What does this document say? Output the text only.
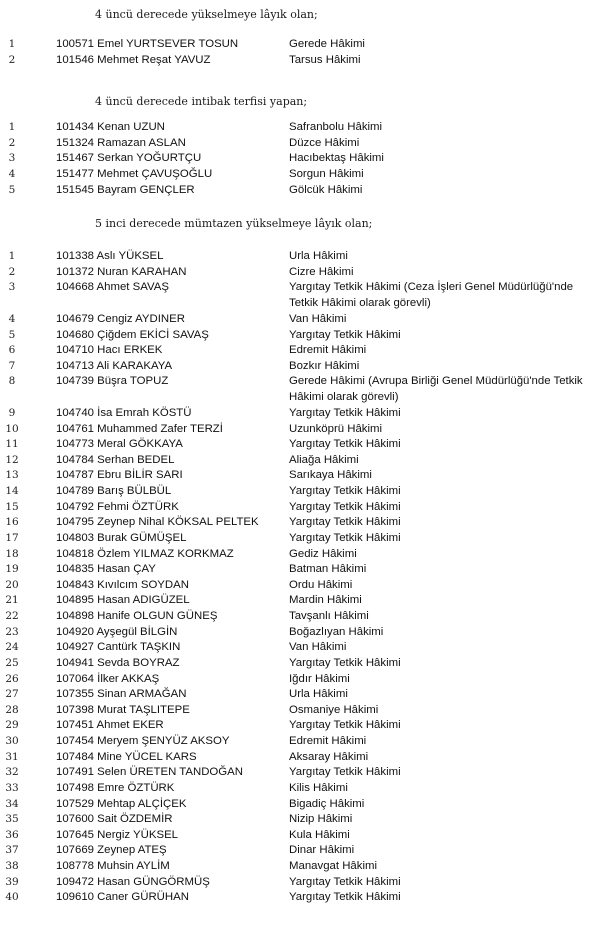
4 üncü derecede yükselmeye lâyık olan;
1	100571 Emel YURTSEVER TOSUN	Gerede Hâkimi
2	101546 Mehmet Reşat YAVUZ	Tarsus Hâkimi
4 üncü derecede intibak terfisi yapan;
1	101434 Kenan UZUN	Safranbolu Hâkimi
2	151324 Ramazan ASLAN	Düzce Hâkimi
3	151467 Serkan YOĞURTÇU	Hacıbektaş Hâkimi
4	151477 Mehmet ÇAVUŞOĞLU	Sorgun Hâkimi
5	151545 Bayram GENÇLER	Gölcük Hâkimi
5 inci derecede mümtazen yükselmeye lâyık olan;
1	101338 Aslı YÜKSEL	Urla Hâkimi
2	101372 Nuran KARAHAN	Cizre Hâkimi
3	104668 Ahmet SAVAŞ	Yargıtay Tetkik Hâkimi (Ceza İşleri Genel Müdürlüğü'nde Tetkik Hâkimi olarak görevli)
4	104679 Cengiz AYDINER	Van Hâkimi
5	104680 Çiğdem EKİCİ SAVAŞ	Yargıtay Tetkik Hâkimi
6	104710 Hacı ERKEK	Edremit Hâkimi
7	104713 Ali KARAKAYA	Bozkır Hâkimi
8	104739 Büşra TOPUZ	Gerede Hâkimi (Avrupa Birliği Genel Müdürlüğü'nde Tetkik Hâkimi olarak görevli)
9	104740 İsa Emrah KÖSTÜ	Yargıtay Tetkik Hâkimi
10	104761 Muhammed Zafer TERZİ	Uzunköprü Hâkimi
11	104773 Meral GÖKKAYA	Yargıtay Tetkik Hâkimi
12	104784 Serhan BEDEL	Aliağa Hâkimi
13	104787 Ebru BİLİR SARI	Sarıkaya Hâkimi
14	104789 Barış BÜLBÜL	Yargıtay Tetkik Hâkimi
15	104792 Fehmi ÖZTÜRK	Yargıtay Tetkik Hâkimi
16	104795 Zeynep Nihal KÖKSAL PELTEK	Yargıtay Tetkik Hâkimi
17	104803 Burak GÜMÜŞEL	Yargıtay Tetkik Hâkimi
18	104818 Özlem YILMAZ KORKMAZ	Gediz Hâkimi
19	104835 Hasan ÇAY	Batman Hâkimi
20	104843 Kıvılcım SOYDAN	Ordu Hâkimi
21	104895 Hasan ADIGÜZEL	Mardin Hâkimi
22	104898 Hanife OLGUN GÜNEŞ	Tavşanlı Hâkimi
23	104920 Ayşegül BİLGİN	Boğazlıyan Hâkimi
24	104927 Cantürk TAŞKIN	Van Hâkimi
25	104941 Sevda BOYRAZ	Yargıtay Tetkik Hâkimi
26	107064 İlker AKKAŞ	Iğdır Hâkimi
27	107355 Sinan ARMAĞAN	Urla Hâkimi
28	107398 Murat TAŞLITEPE	Osmaniye Hâkimi
29	107451 Ahmet EKER	Yargıtay Tetkik Hâkimi
30	107454 Meryem ŞENYÜZ AKSOY	Edremit Hâkimi
31	107484 Mine YÜCEL KARS	Aksaray Hâkimi
32	107491 Selen ÜRETEN TANDOĞAN	Yargıtay Tetkik Hâkimi
33	107498 Emre ÖZTÜRK	Kilis Hâkimi
34	107529 Mehtap ALÇİÇEK	Bigadiç Hâkimi
35	107600 Sait ÖZDEMİR	Nizip Hâkimi
36	107645 Nergiz YÜKSEL	Kula Hâkimi
37	107669 Zeynep ATEŞ	Dinar Hâkimi
38	108778 Muhsin AYLİM	Manavgat Hâkimi
39	109472 Hasan GÜNGÖRMÜŞ	Yargıtay Tetkik Hâkimi
40	109610 Caner GÜRÜHAN	Yargıtay Tetkik Hâkimi
